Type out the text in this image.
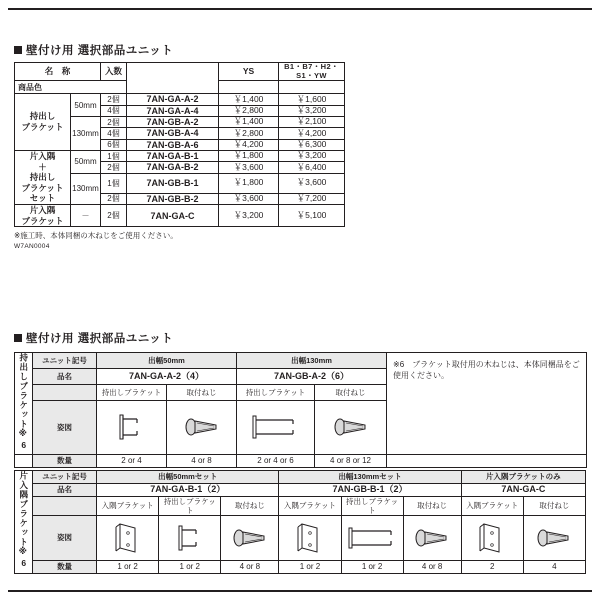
壁付け用 選択部品ユニット
名　称		入数		YS	B1・B7・H2・S1・YW
商品色					
持出し
ブラケット	50mm	2個	7AN-GA-A-2	￥1,400	￥1,600
		4個	7AN-GA-A-4	￥2,800	￥3,200
	130mm	2個	7AN-GB-A-2	￥1,400	￥2,100
		4個	7AN-GB-A-4	￥2,800	￥4,200
		6個	7AN-GB-A-6	￥4,200	￥6,300
片入隅
＋
持出し
ブラケット
セット	50mm	1個	7AN-GA-B-1	￥1,800	￥3,200
		2個	7AN-GA-B-2	￥3,600	￥6,400
	130mm	1個	7AN-GB-B-1	￥1,800	￥3,600
		2個	7AN-GB-B-2	￥3,600	￥7,200
片入隅
ブラケット	－	2個	7AN-GA-C	￥3,200	￥5,100
※施工時、本体同梱の木ねじをご使用ください。
W7AN0004
壁付け用 選択部品ユニット
持出しブラケット※6	ユニット記号	出幅50mm		出幅130mm		※6　ブラケット取付用の木ねじは、本体同梱品をご使用ください。
	品名	7AN-GA-A-2（4）		7AN-GB-A-2（6）		
		持出しブラケット	取付ねじ	持出しブラケット	取付ねじ	
	姿図	

	数量	2 or 4	4 or 8	2 or 4 or 6	4 or 8 or 12	
片入隅ブラケット※6	ユニット記号	出幅50mmセット			出幅130mmセット			片入隅ブラケットのみ	
	品名	7AN-GA-B-1（2）			7AN-GB-B-1（2）			7AN-GA-C	
		入隅ブラケット	持出しブラケット	取付ねじ	入隅ブラケット	持出しブラケット	取付ねじ	入隅ブラケット	取付ねじ
	姿図	

	数量	1 or 2	1 or 2	4 or 8	1 or 2	1 or 2	4 or 8	2	4
